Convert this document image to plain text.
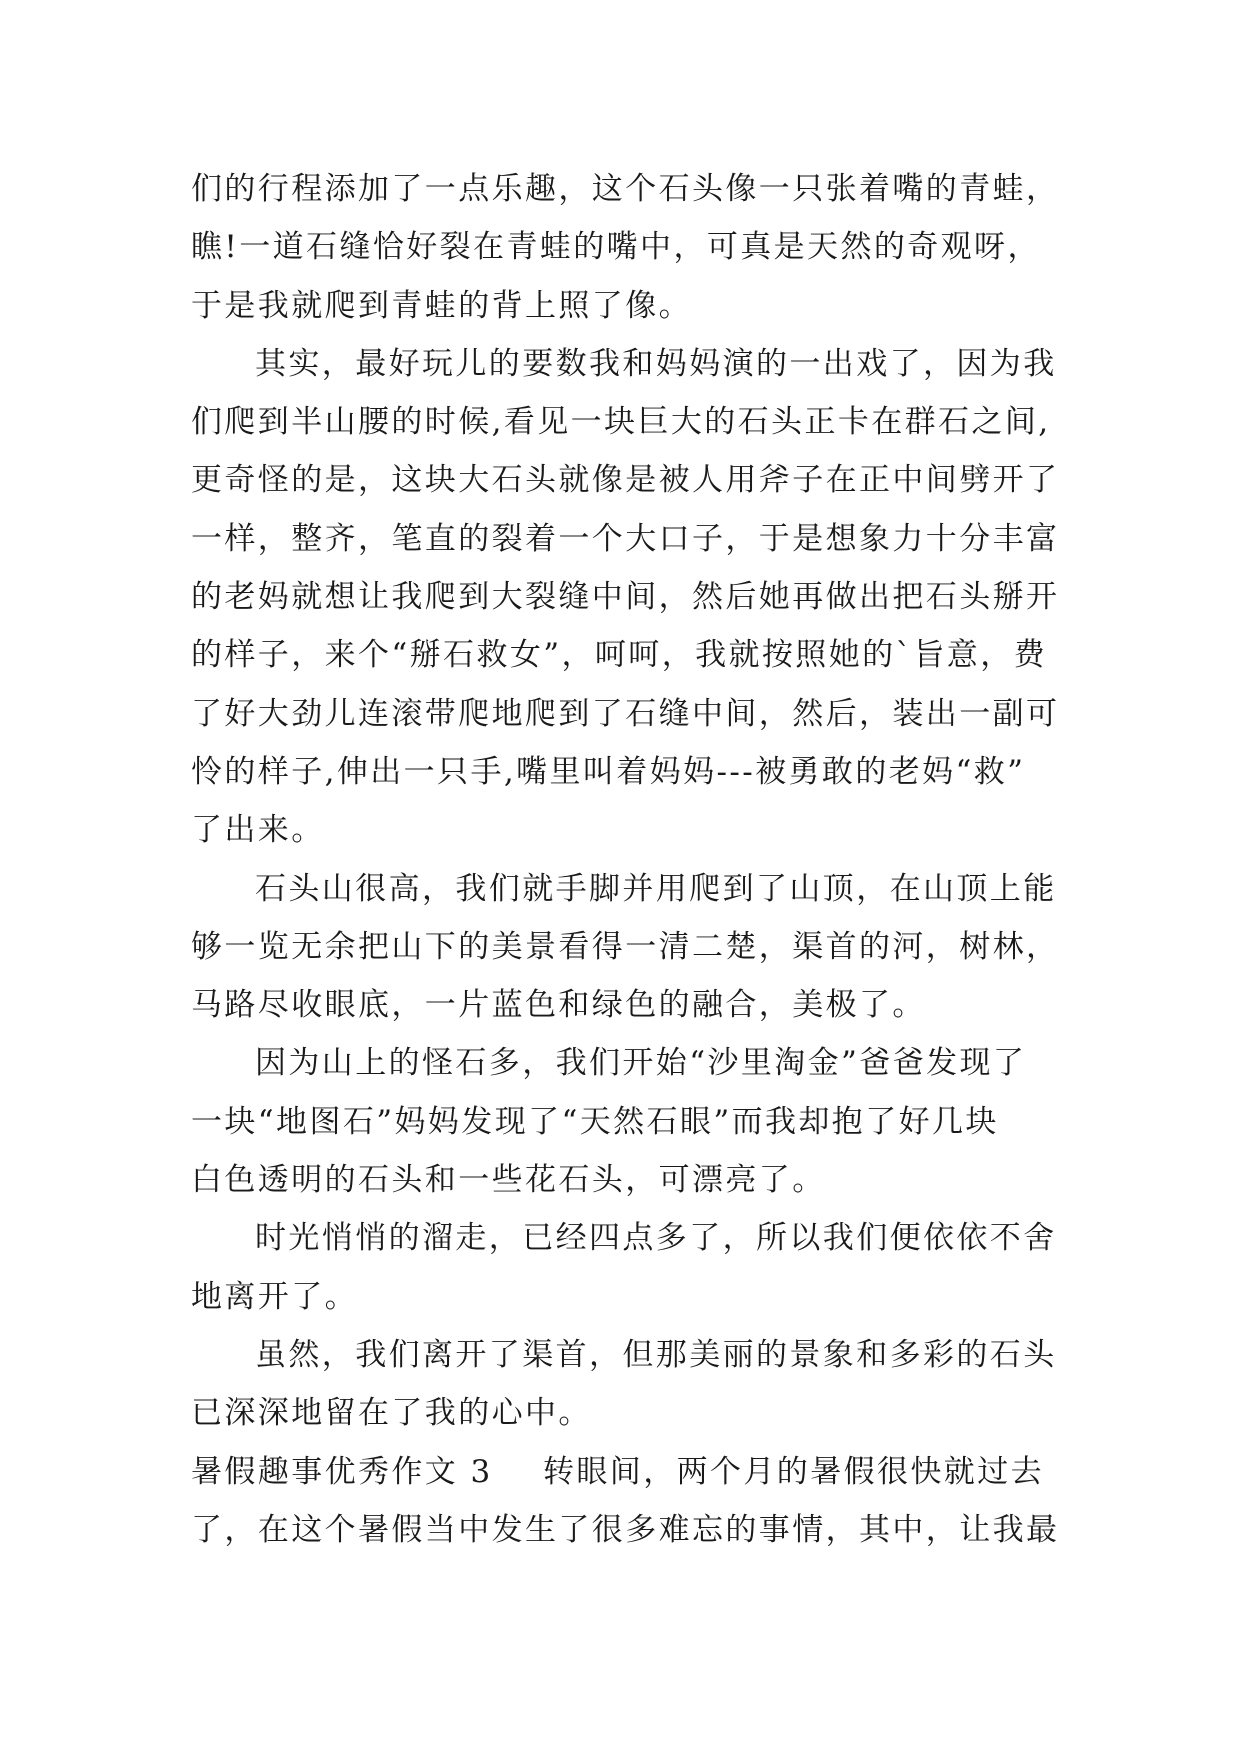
们的行程添加了一点乐趣，这个石头像一只张着嘴的青蛙，
瞧!一道石缝恰好裂在青蛙的嘴中，可真是天然的奇观呀，
于是我就爬到青蛙的背上照了像。
其实，最好玩儿的要数我和妈妈演的一出戏了，因为我
们爬到半山腰的时候,看见一块巨大的石头正卡在群石之间,
更奇怪的是，这块大石头就像是被人用斧子在正中间劈开了
一样，整齐，笔直的裂着一个大口子，于是想象力十分丰富
的老妈就想让我爬到大裂缝中间，然后她再做出把石头掰开
的样子，来个“掰石救女”，呵呵，我就按照她的`旨意，费
了好大劲儿连滚带爬地爬到了石缝中间，然后，装出一副可
怜的样子,伸出一只手,嘴里叫着妈妈---被勇敢的老妈“救”
了出来。
石头山很高，我们就手脚并用爬到了山顶，在山顶上能
够一览无余把山下的美景看得一清二楚，渠首的河，树林，
马路尽收眼底，一片蓝色和绿色的融合，美极了。
因为山上的怪石多，我们开始“沙里淘金”爸爸发现了
一块“地图石”妈妈发现了“天然石眼”而我却抱了好几块
白色透明的石头和一些花石头，可漂亮了。
时光悄悄的溜走，已经四点多了，所以我们便依依不舍
地离开了。
虽然，我们离开了渠首，但那美丽的景象和多彩的石头
已深深地留在了我的心中。
暑假趣事优秀作文 3 转眼间，两个月的暑假很快就过去
了，在这个暑假当中发生了很多难忘的事情，其中，让我最
